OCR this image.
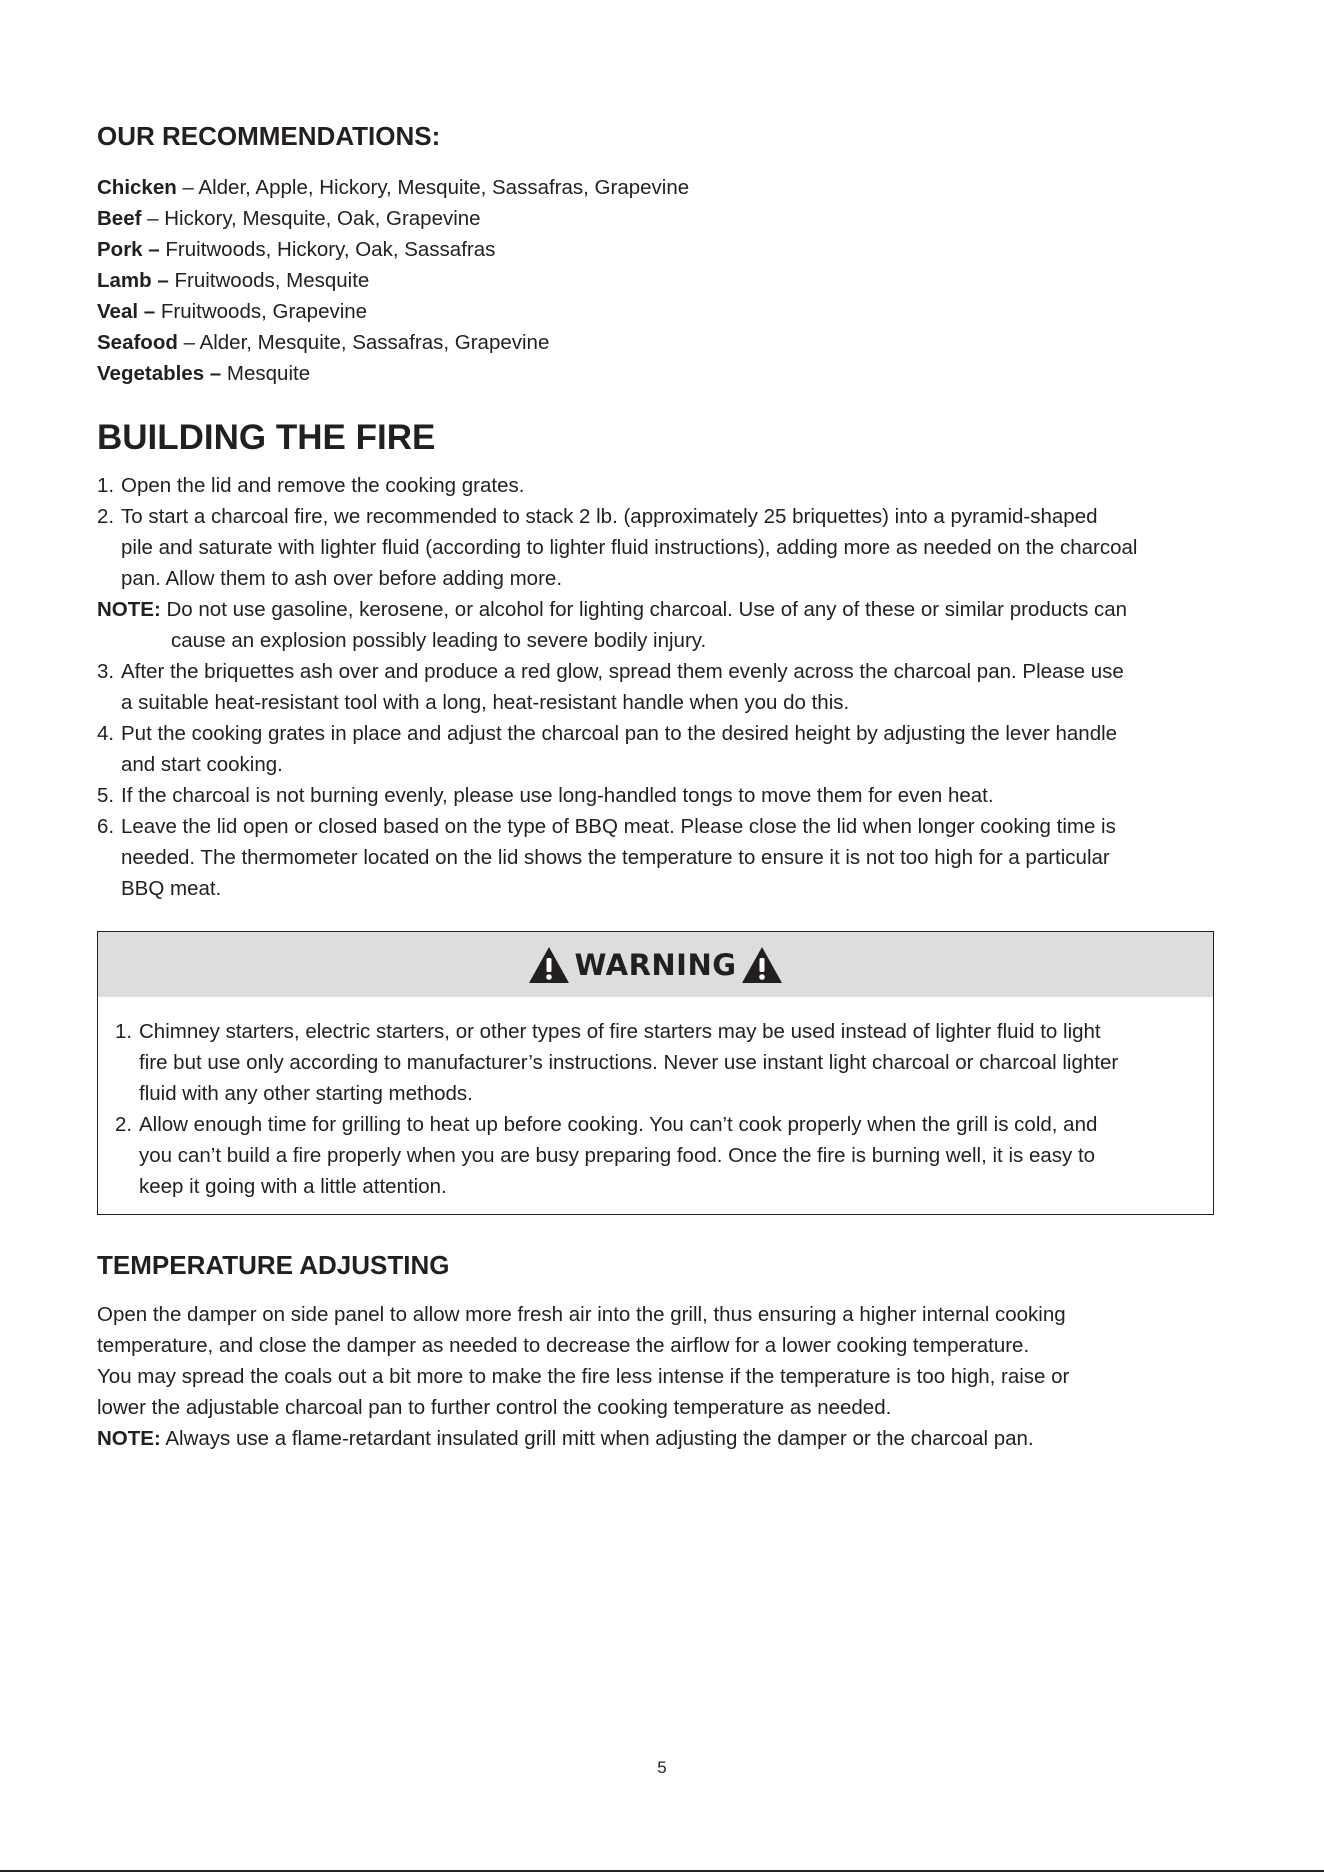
OUR RECOMMENDATIONS:
Chicken – Alder, Apple, Hickory, Mesquite, Sassafras, Grapevine
Beef – Hickory, Mesquite, Oak, Grapevine
Pork – Fruitwoods, Hickory, Oak, Sassafras
Lamb – Fruitwoods, Mesquite
Veal – Fruitwoods, Grapevine
Seafood – Alder, Mesquite, Sassafras, Grapevine
Vegetables – Mesquite
BUILDING THE FIRE
1. Open the lid and remove the cooking grates.
2. To start a charcoal fire, we recommended to stack 2 lb. (approximately 25 briquettes) into a pyramid-shaped
pile and saturate with lighter fluid (according to lighter fluid instructions), adding more as needed on the charcoal
pan. Allow them to ash over before adding more.
NOTE: Do not use gasoline, kerosene, or alcohol for lighting charcoal. Use of any of these or similar products can
cause an explosion possibly leading to severe bodily injury.
3. After the briquettes ash over and produce a red glow, spread them evenly across the charcoal pan. Please use
a suitable heat-resistant tool with a long, heat-resistant handle when you do this.
4. Put the cooking grates in place and adjust the charcoal pan to the desired height by adjusting the lever handle
and start cooking.
5. If the charcoal is not burning evenly, please use long-handled tongs to move them for even heat.
6. Leave the lid open or closed based on the type of BBQ meat. Please close the lid when longer cooking time is
needed. The thermometer located on the lid shows the temperature to ensure it is not too high for a particular
BBQ meat.
TEMPERATURE ADJUSTING
Open the damper on side panel to allow more fresh air into the grill, thus ensuring a higher internal cooking
temperature, and close the damper as needed to decrease the airflow for a lower cooking temperature.
You may spread the coals out a bit more to make the fire less intense if the temperature is too high, raise or
lower the adjustable charcoal pan to further control the cooking temperature as needed.
NOTE: Always use a flame-retardant insulated grill mitt when adjusting the damper or the charcoal pan.
WARNING
1. Chimney starters, electric starters, or other types of fire starters may be used instead of lighter fluid to light
fire but use only according to manufacturer’s instructions. Never use instant light charcoal or charcoal lighter
fluid with any other starting methods.
2. Allow enough time for grilling to heat up before cooking. You can’t cook properly when the grill is cold, and
you can’t build a fire properly when you are busy preparing food. Once the fire is burning well, it is easy to
keep it going with a little attention.
5
